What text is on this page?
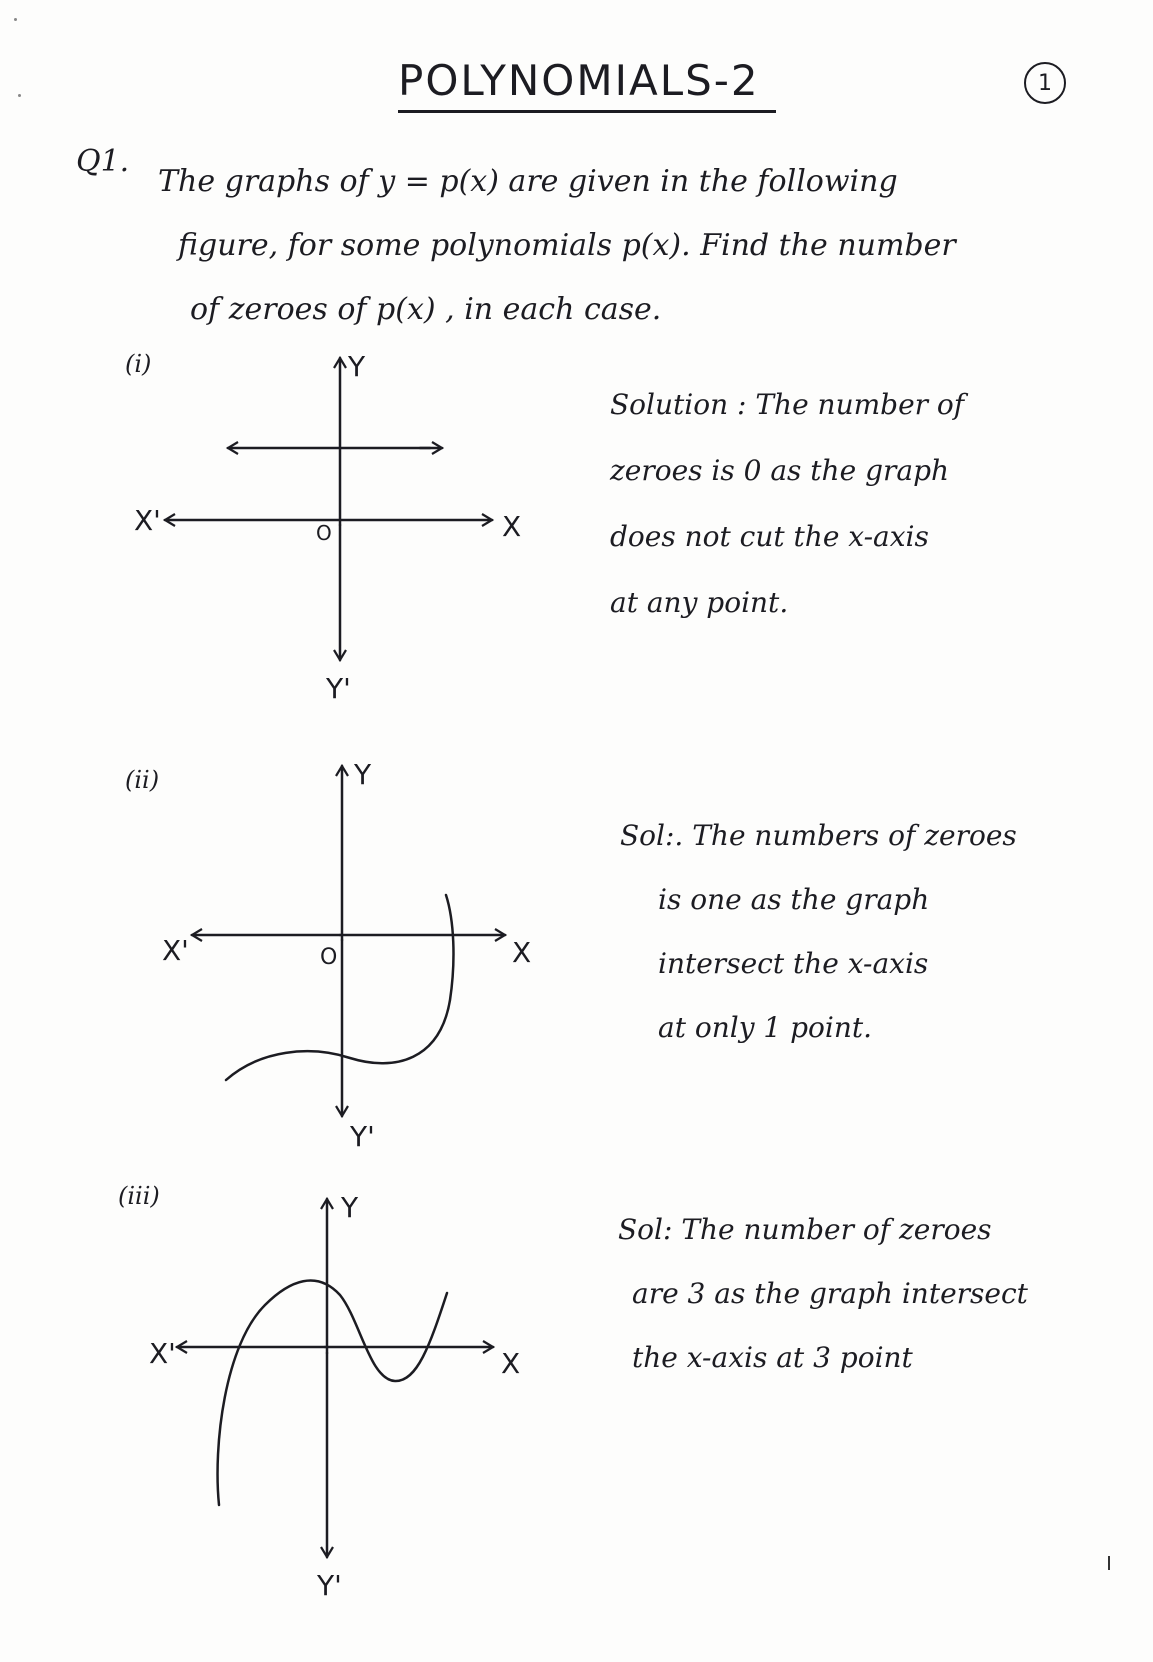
POLYNOMIALS-2	1
Q1.
The graphs of y = p(x) are given in the following
figure, for some polynomials p(x). Find the number
of zeroes of p(x) , in each case.
(i)	Y
Y'
X'	X
O
Solution : The number of
zeroes is 0 as the graph
does not cut the x-axis
at any point.
(ii)	Y
Y'
X'	X
O
Sol:. The numbers of zeroes
is one as the graph
intersect the x-axis
at only 1 point.
(iii)	Y
Y'
X'	X
Sol: The number of zeroes
are 3 as the graph intersect
the x-axis at 3 point
